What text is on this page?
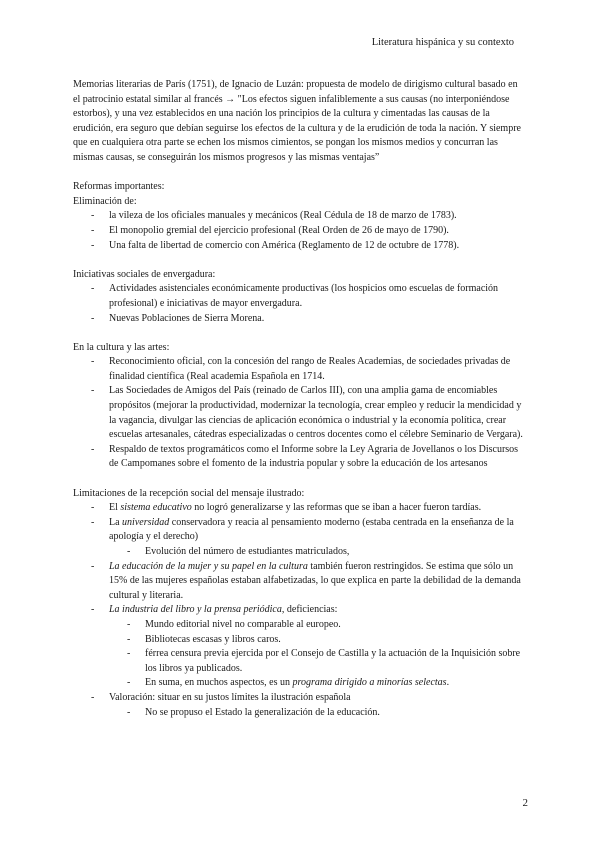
Literatura hispánica y su contexto

Memorias literarias de París (1751), de Ignacio de Luzán: propuesta de modelo de dirigismo cultural basado en el patrocinio estatal similar al francés → "Los efectos siguen infaliblemente a sus causas (no interponiéndose estorbos), y una vez establecidos en una nación los principios de la cultura y cimentadas las causas de la erudición, era seguro que debían seguirse los efectos de la cultura y de la erudición de toda la nación. Y siempre que en cualquiera otra parte se echen los mismos cimientos, se pongan los mismos medios y concurran las mismas causas, se conseguirán los mismos progresos y las mismas ventajas”

Reformas importantes:

Eliminación de:

- la vileza de los oficiales manuales y mecánicos (Real Cédula de 18 de marzo de 1783).
- El monopolio gremial del ejercicio profesional (Real Orden de 26 de mayo de 1790).
- Una falta de libertad de comercio con América (Reglamento de 12 de octubre de 1778).

Iniciativas sociales de envergadura:

- Actividades asistenciales económicamente productivas (los hospicios omo escuelas de formación profesional) e iniciativas de mayor envergadura.
- Nuevas Poblaciones de Sierra Morena.

En la cultura y las artes:

- Reconocimiento oficial, con la concesión del rango de Reales Academias, de sociedades privadas de finalidad científica (Real academia Española en 1714.
- Las Sociedades de Amigos del País (reinado de Carlos III), con una amplia gama de encomiables propósitos (mejorar la productividad, modernizar la tecnología, crear empleo y reducir la mendicidad y la vagancia, divulgar las ciencias de aplicación económica o industrial y la economía política, crear escuelas artesanales, cátedras especializadas o centros docentes como el célebre Seminario de Vergara).
- Respaldo de textos programáticos como el Informe sobre la Ley Agraria de Jovellanos o los Discursos de Campomanes sobre el fomento de la industria popular y sobre la educación de los artesanos

Limitaciones de la recepción social del mensaje ilustrado:

- El sistema educativo no logró generalizarse y las reformas que se iban a hacer fueron tardías.
- La universidad conservadora y reacia al pensamiento moderno (estaba centrada en la enseñanza de la apología y el derecho)
- Evolución del número de estudiantes matriculados,
- La educación de la mujer y su papel en la cultura también fueron restringidos. Se estima que sólo un 15% de las mujeres españolas estaban alfabetizadas, lo que explica en parte la debilidad de la demanda cultural y literaria.
- La industria del libro y la prensa periódica, deficiencias:
- Mundo editorial nivel no comparable al europeo.
- Bibliotecas escasas y libros caros.
- férrea censura previa ejercida por el Consejo de Castilla y la actuación de la Inquisición sobre los libros ya publicados.
- En suma, en muchos aspectos, es un programa dirigido a minorías selectas.
- Valoración: situar en su justos límites la ilustración española
- No se propuso el Estado la generalización de la educación.
2
